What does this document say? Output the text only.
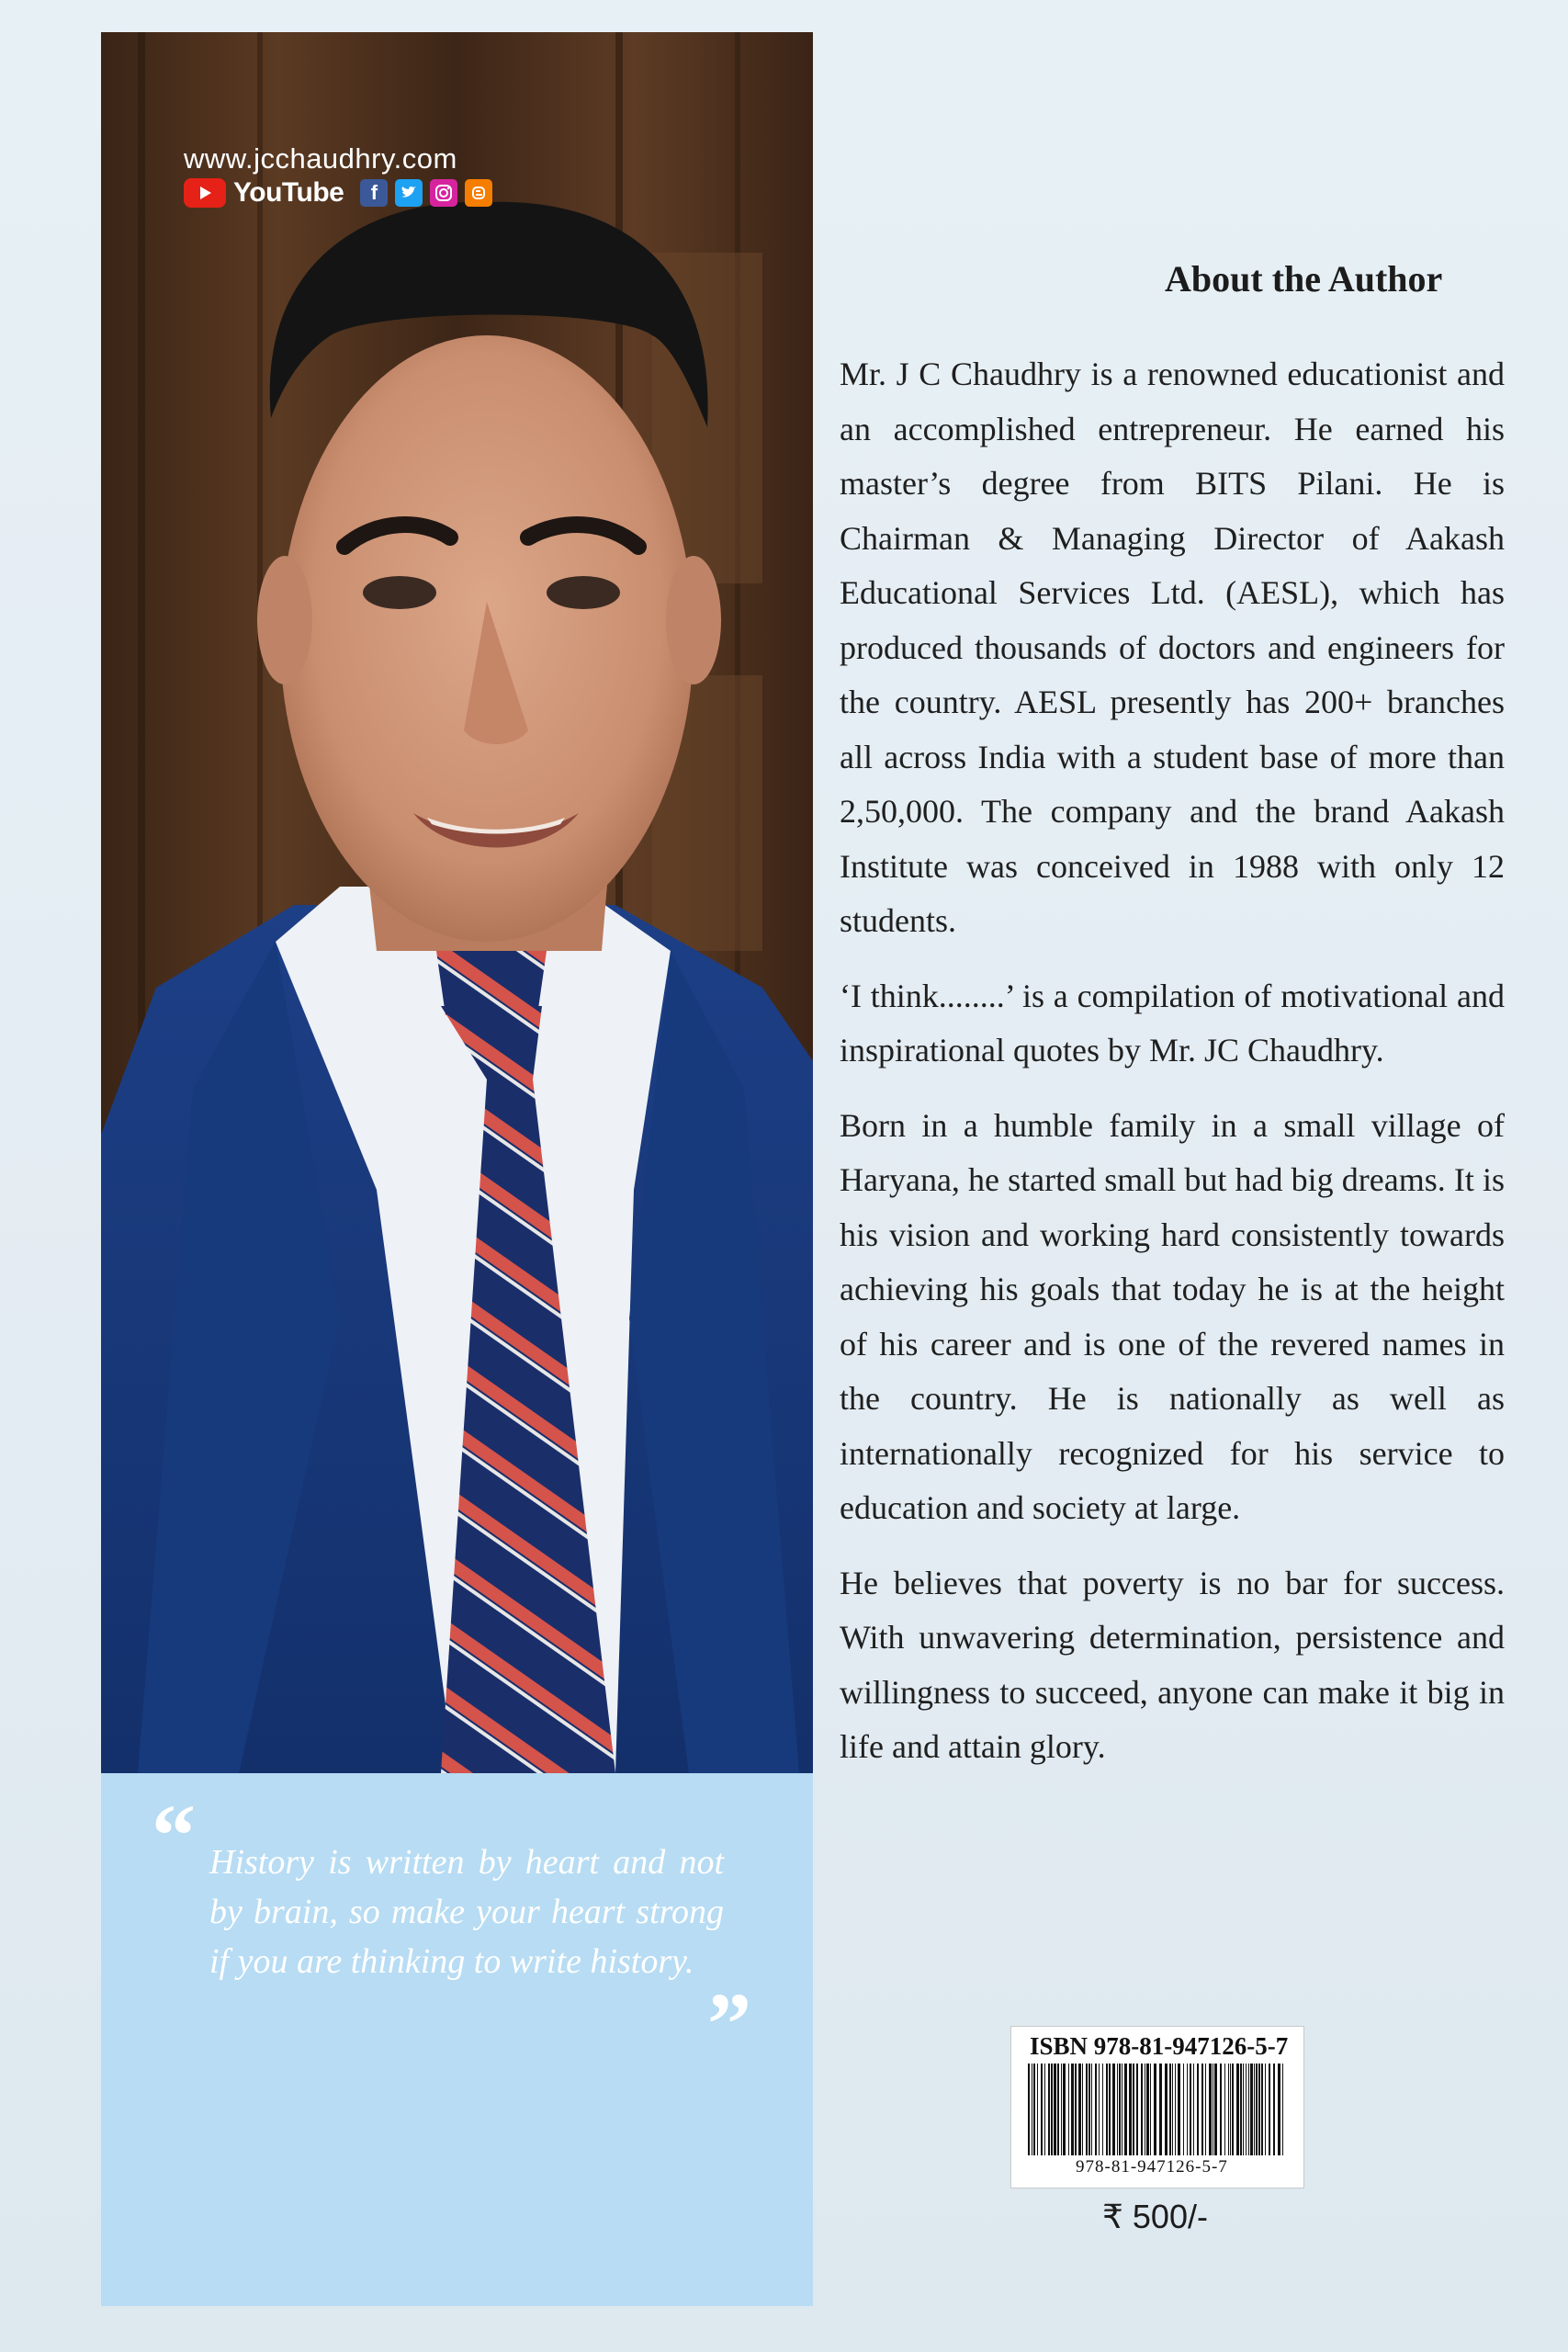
www.jcchaudhry.com
YouTube	f
“ History is written by heart and not by brain, so make your heart strong if you are thinking to write history.
”
About the Author

Mr. J C Chaudhry is a renowned educationist and an accomplished entrepreneur. He earned his master’s degree from BITS Pilani. He is Chairman & Managing Director of Aakash Educational Services Ltd. (AESL), which has produced thousands of doctors and engineers for the country. AESL presently has 200+ branches all across India with a student base of more than 2,50,000. The company and the brand Aakash Institute was conceived in 1988 with only 12 students.

‘I think........’ is a compilation of motivational and inspirational quotes by Mr. JC Chaudhry.

Born in a humble family in a small village of Haryana, he started small but had big dreams. It is his vision and working hard consistently towards achieving his goals that today he is at the height of his career and is one of the revered names in the country. He is nationally as well as internationally recognized for his service to education and society at large.

He believes that poverty is no bar for success. With unwavering determination, persistence and willingness to succeed, anyone can make it big in life and attain glory.

ISBN 978-81-947126-5-7
978-81-947126-5-7
₹ 500/-
